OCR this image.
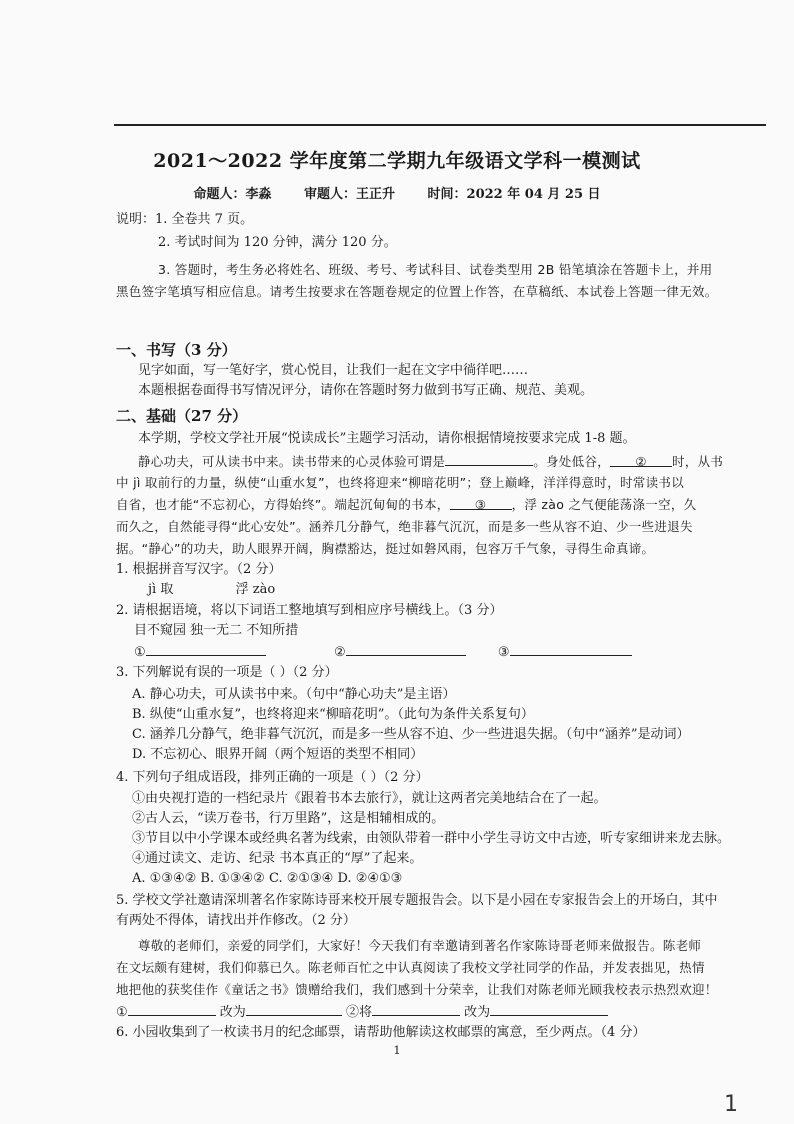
2021～2022 学年度第二学期九年级语文学科一模测试
命题人：李淼	审题人：王正升	时间：2022 年 04 月 25 日
说明：1. 全卷共 7 页。
2. 考试时间为 120 分钟，满分 120 分。
3. 答题时，考生务必将姓名、班级、考号、考试科目、试卷类型用 2B 铅笔填涂在答题卡上，并用
黑色签字笔填写相应信息。请考生按要求在答题卷规定的位置上作答，在草稿纸、本试卷上答题一律无效。
一、书写（3 分）
见字如面，写一笔好字，赏心悦目，让我们一起在文字中徜徉吧……
本题根据卷面得书写情况评分，请你在答题时努力做到书写正确、规范、美观。
二、基础（27 分）
本学期，学校文学社开展“悦读成长”主题学习活动，请你根据情境按要求完成 1-8 题。
静心功夫，可从读书中来。读书带来的心灵体验可谓是	。身处低谷， ② 时，从书
中 jì 取前行的力量，纵使“山重水复”，也终将迎来“柳暗花明”；登上巅峰，洋洋得意时，时常读书以
自省，也才能“不忘初心，方得始终”。端起沉甸甸的书本， ③ ，浮 zào 之气便能荡涤一空，久
而久之，自然能寻得“此心安处”。涵养几分静气，绝非暮气沉沉，而是多一些从容不迫、少一些进退失
据。“静心”的功夫，助人眼界开阔，胸襟豁达，挺过如磐风雨，包容万千气象，寻得生命真谛。
1. 根据拼音写汉字。（2 分）
jì 取	浮 zào
2. 请根据语境，将以下词语工整地填写到相应序号横线上。（3 分）
目不窥园 独一无二 不知所措
①	②	③
3. 下列解说有误的一项是（ ）（2 分）
A. 静心功夫，可从读书中来。（句中“静心功夫”是主语）
B. 纵使“山重水复”，也终将迎来“柳暗花明”。（此句为条件关系复句）
C. 涵养几分静气，绝非暮气沉沉，而是多一些从容不迫、少一些进退失据。（句中“涵养”是动词）
D. 不忘初心、眼界开阔（两个短语的类型不相同）
4. 下列句子组成语段，排列正确的一项是（ ）（2 分）
①由央视打造的一档纪录片《跟着书本去旅行》，就让这两者完美地结合在了一起。
②古人云，“读万卷书，行万里路”，这是相辅相成的。
③节目以中小学课本或经典名著为线索，由领队带着一群中小学生寻访文中古迹，听专家细讲来龙去脉。
④通过读文、走访、纪录 书本真正的“厚”了起来。
A. ①③④② B. ①③④② C. ②①③④ D. ②④①③
5. 学校文学社邀请深圳著名作家陈诗哥来校开展专题报告会。以下是小园在专家报告会上的开场白，其中
有两处不得体，请找出并作修改。（2 分）
尊敬的老师们，亲爱的同学们，大家好！今天我们有幸邀请到著名作家陈诗哥老师来做报告。陈老师
在文坛颇有建树，我们仰慕已久。陈老师百忙之中认真阅读了我校文学社同学的作品，并发表拙见，热情
地把他的获奖佳作《童话之书》馈赠给我们，我们感到十分荣幸，让我们对陈老师光顾我校表示热烈欢迎！
①	改为	②将	改为
6. 小园收集到了一枚读书月的纪念邮票，请帮助他解读这枚邮票的寓意，至少两点。（4 分）
1
1
